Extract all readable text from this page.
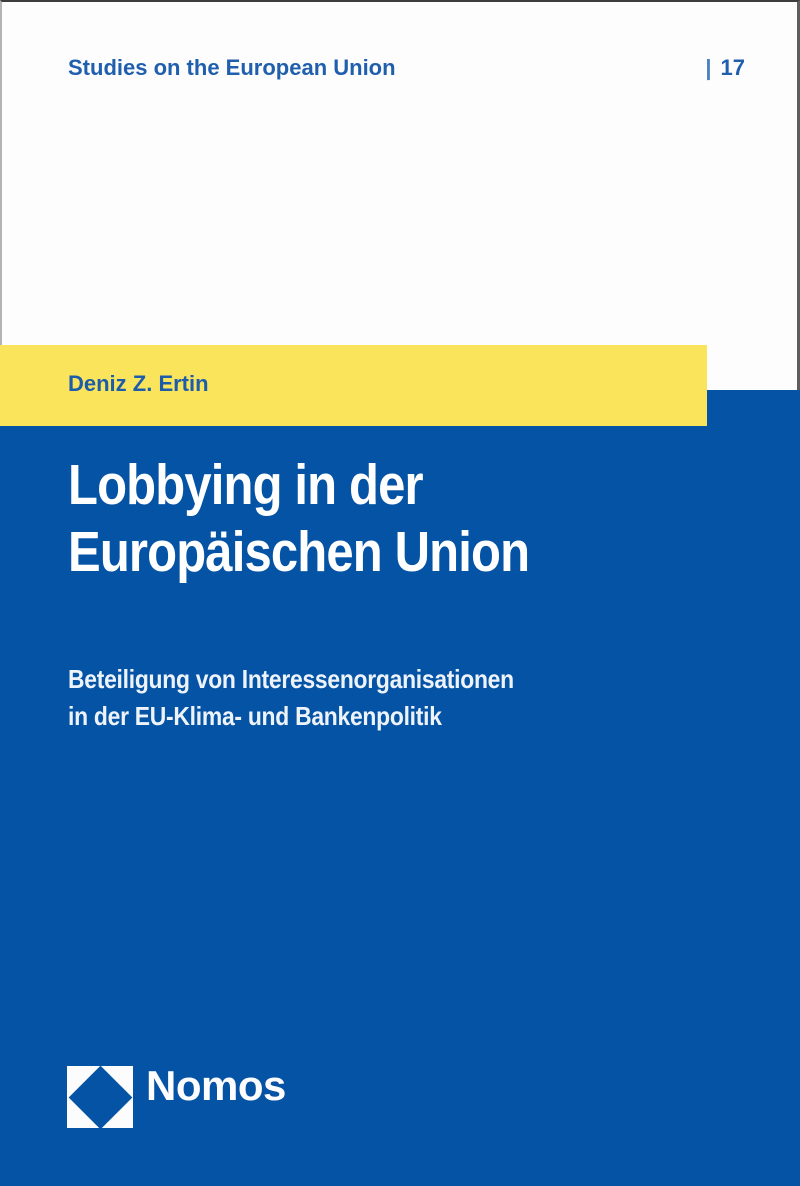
Studies on the European Union	| 17
Deniz Z. Ertin
Lobbying in der
Europäischen Union
Beteiligung von Interessenorganisationen
in der EU-Klima- und Bankenpolitik
Nomos
